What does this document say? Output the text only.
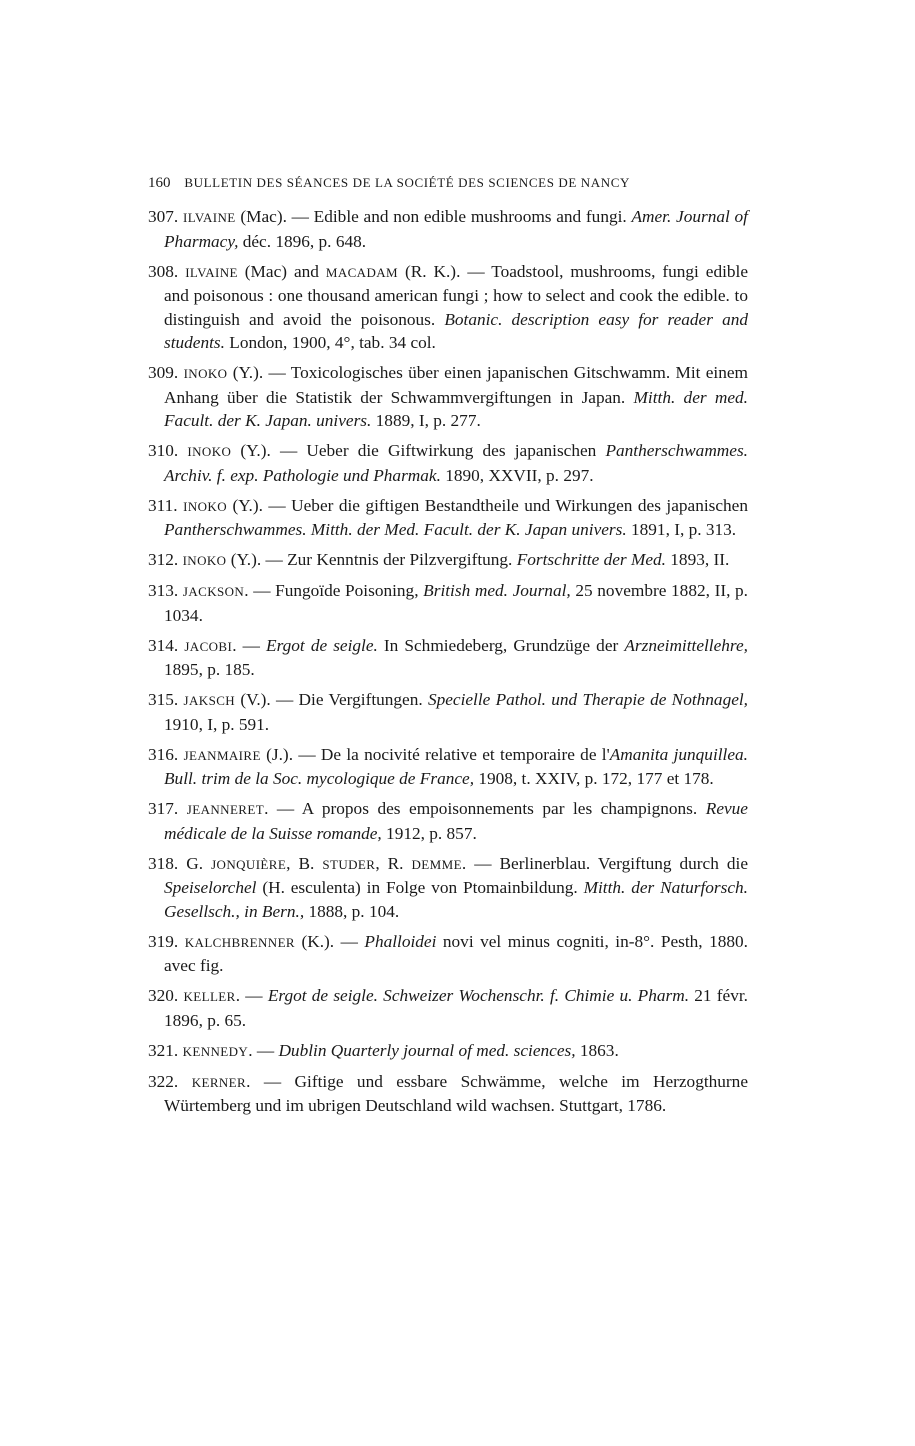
160 BULLETIN DES SÉANCES DE LA SOCIÉTÉ DES SCIENCES DE NANCY
307. ILVAINE (Mac). — Edible and non edible mushrooms and fungi. Amer. Journal of Pharmacy, déc. 1896, p. 648.
308. ILVAINE (Mac) and MACADAM (R. K.). — Toadstool, mushrooms, fungi edible and poisonous : one thousand american fungi ; how to select and cook the edible. to distinguish and avoid the poisonous. Botanic. description easy for reader and students. London, 1900, 4°, tab. 34 col.
309. INOKO (Y.). — Toxicologisches über einen japanischen Gitschwamm. Mit einem Anhang über die Statistik der Schwammvergiftungen in Japan. Mitth. der med. Facult. der K. Japan. univers. 1889, I, p. 277.
310. INOKO (Y.). — Ueber die Giftwirkung des japanischen Pantherschwammes. Archiv. f. exp. Pathologie und Pharmak. 1890, XXVII, p. 297.
311. INOKO (Y.). — Ueber die giftigen Bestandtheile und Wirkungen des japanischen Pantherschwammes. Mitth. der Med. Facult. der K. Japan univers. 1891, I, p. 313.
312. INOKO (Y.). — Zur Kenntnis der Pilzvergiftung. Fortschritte der Med. 1893, II.
313. JACKSON. — Fungoïde Poisoning, British med. Journal, 25 novembre 1882, II, p. 1034.
314. JACOBI. — Ergot de seigle. In Schmiedeberg, Grundzüge der Arzneimittellehre, 1895, p. 185.
315. JAKSCH (V.). — Die Vergiftungen. Specielle Pathol. und Therapie de Nothnagel, 1910, I, p. 591.
316. JEANMAIRE (J.). — De la nocivité relative et temporaire de l'Amanita junquillea. Bull. trim de la Soc. mycologique de France, 1908, t. XXIV, p. 172, 177 et 178.
317. JEANNERET. — A propos des empoisonnements par les champignons. Revue médicale de la Suisse romande, 1912, p. 857.
318. G. JONQUIÈRE, B. STUDER, R. DEMME. — Berlinerblau. Vergiftung durch die Speiselorchel (H. esculenta) in Folge von Ptomainbildung. Mitth. der Naturforsch. Gesellsch., in Bern., 1888, p. 104.
319. KALCHBRENNER (K.). — Phalloidei novi vel minus cogniti, in-8°. Pesth, 1880. avec fig.
320. KELLER. — Ergot de seigle. Schweizer Wochenschr. f. Chimie u. Pharm. 21 févr. 1896, p. 65.
321. KENNEDY. — Dublin Quarterly journal of med. sciences, 1863.
322. KERNER. — Giftige und essbare Schwämme, welche im Herzogthurne Würtemberg und im ubrigen Deutschland wild wachsen. Stuttgart, 1786.
